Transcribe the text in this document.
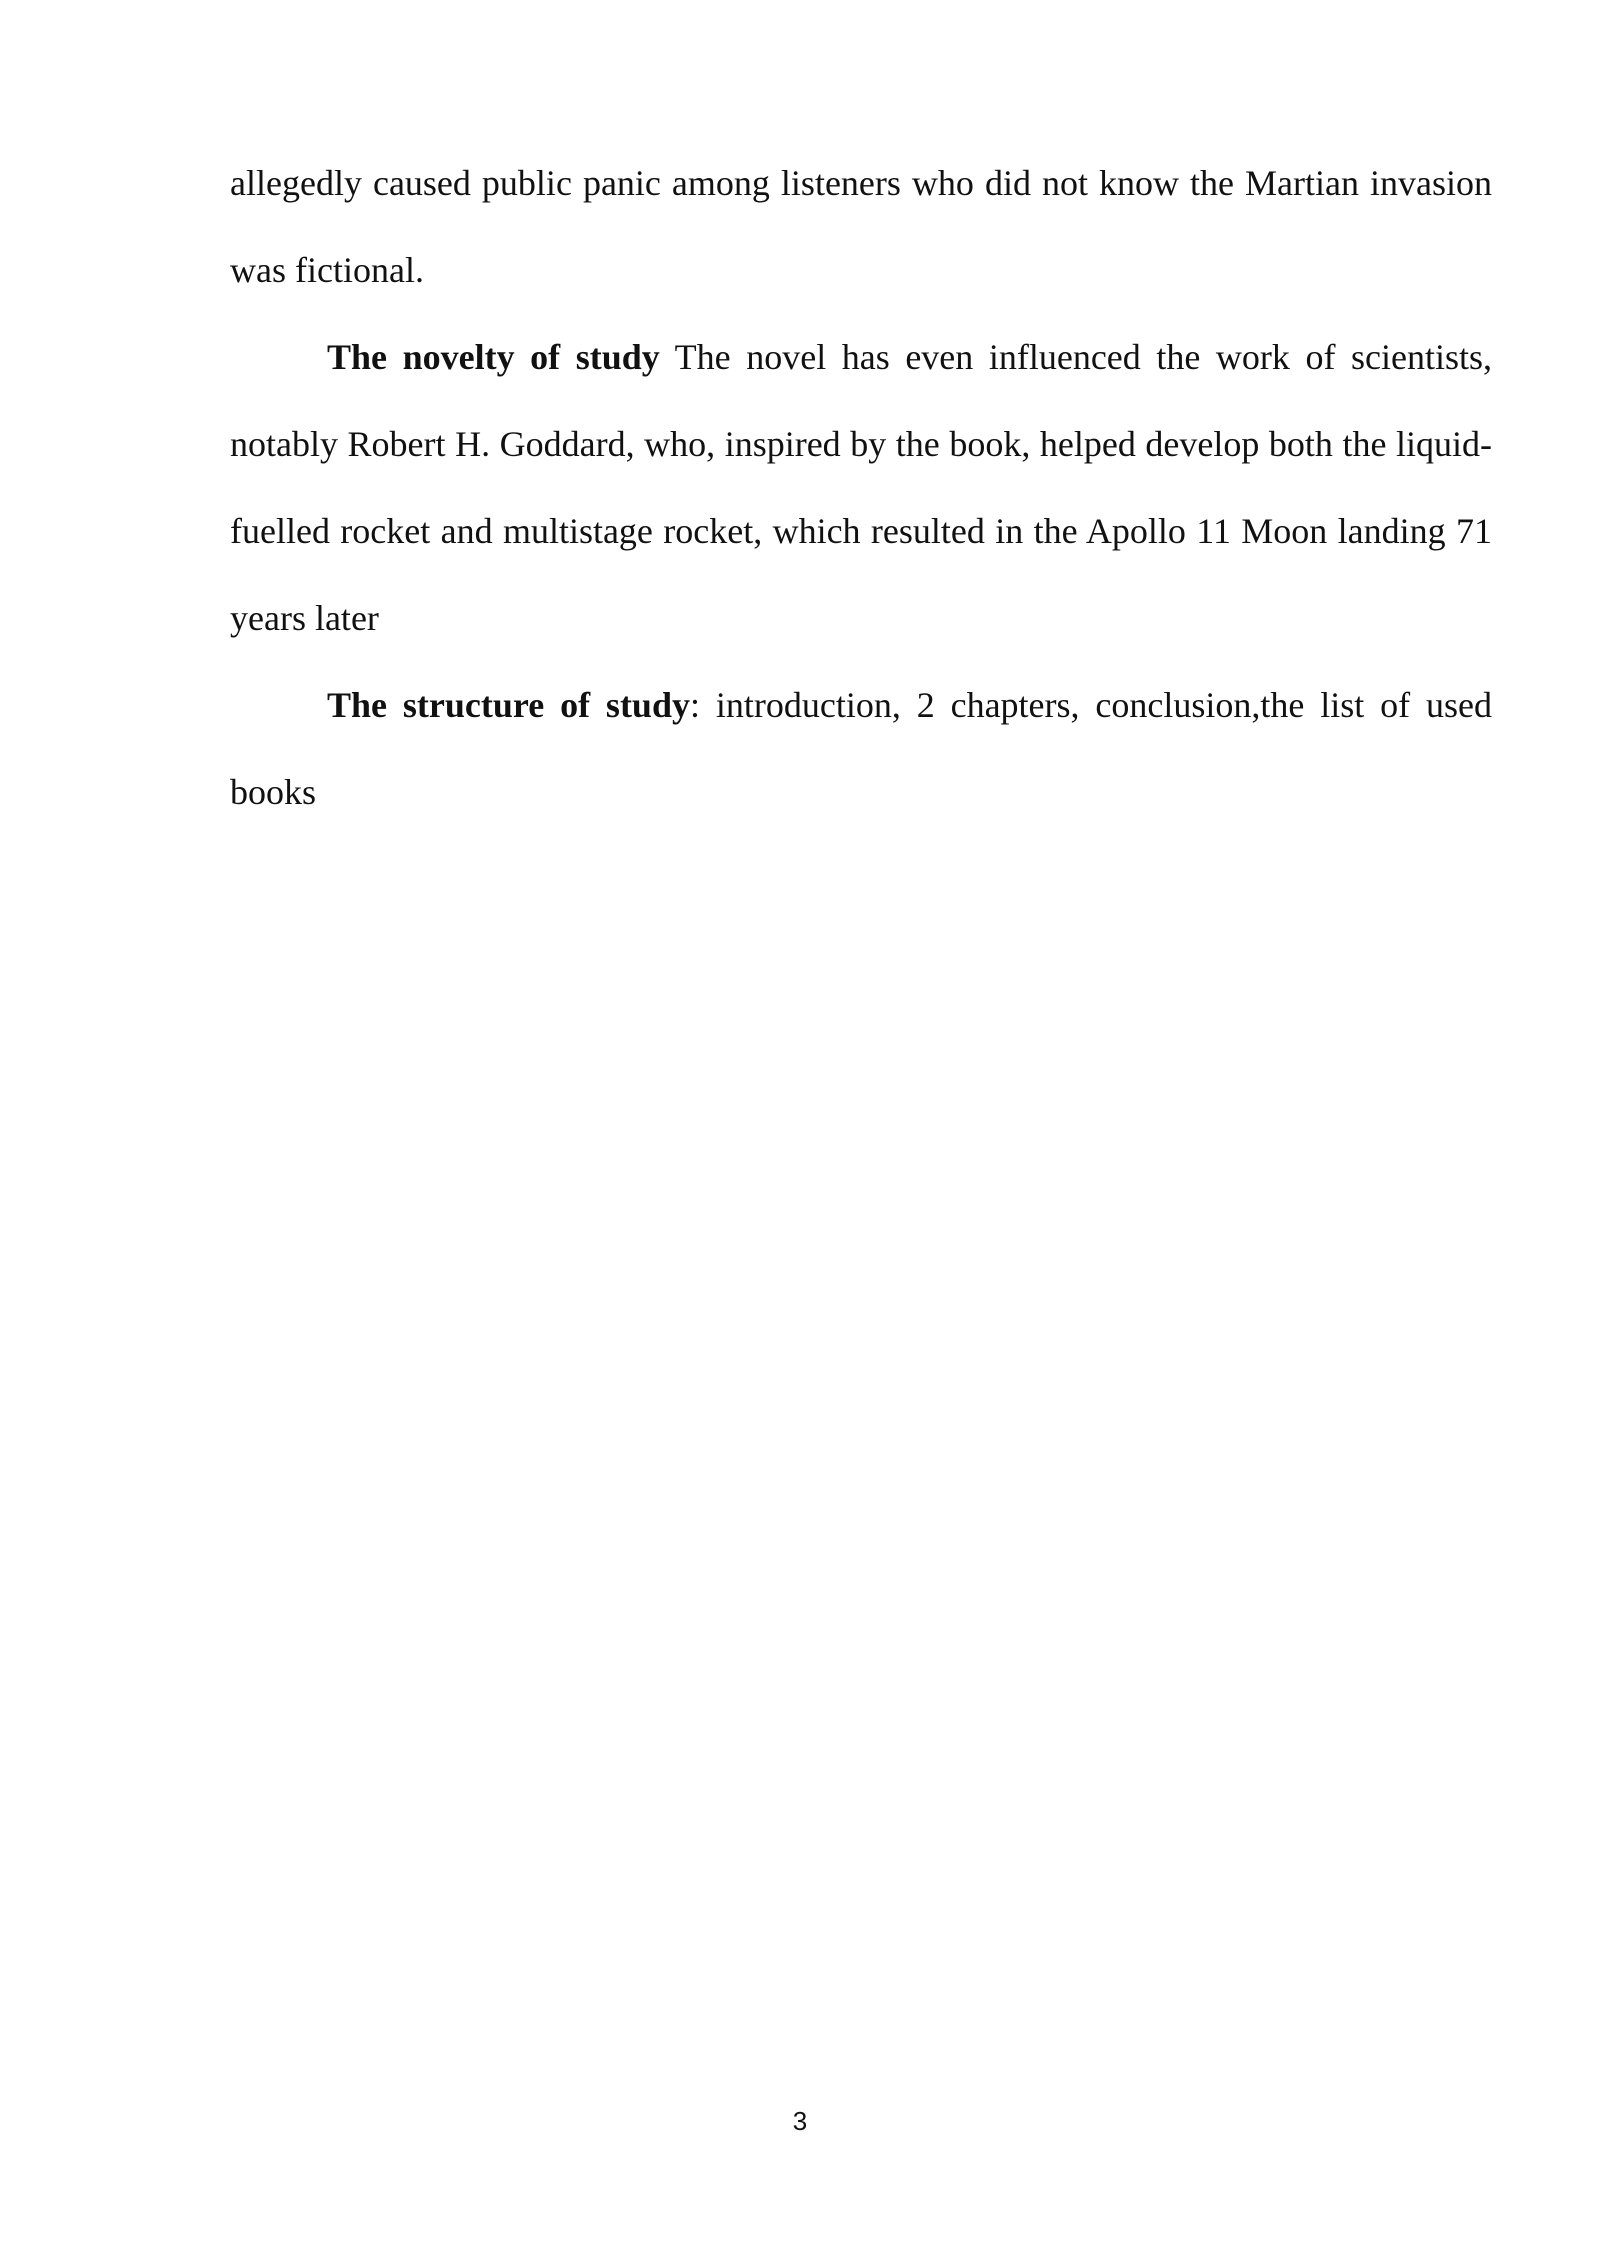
allegedly caused public panic among listeners who did not know the Martian invasion was fictional.

The novelty of study The novel has even influenced the work of scientists, notably Robert H. Goddard, who, inspired by the book, helped develop both the liquid-fuelled rocket and multistage rocket, which resulted in the Apollo 11 Moon landing 71 years later

The structure of study: introduction, 2 chapters, conclusion,the list of used books

3
